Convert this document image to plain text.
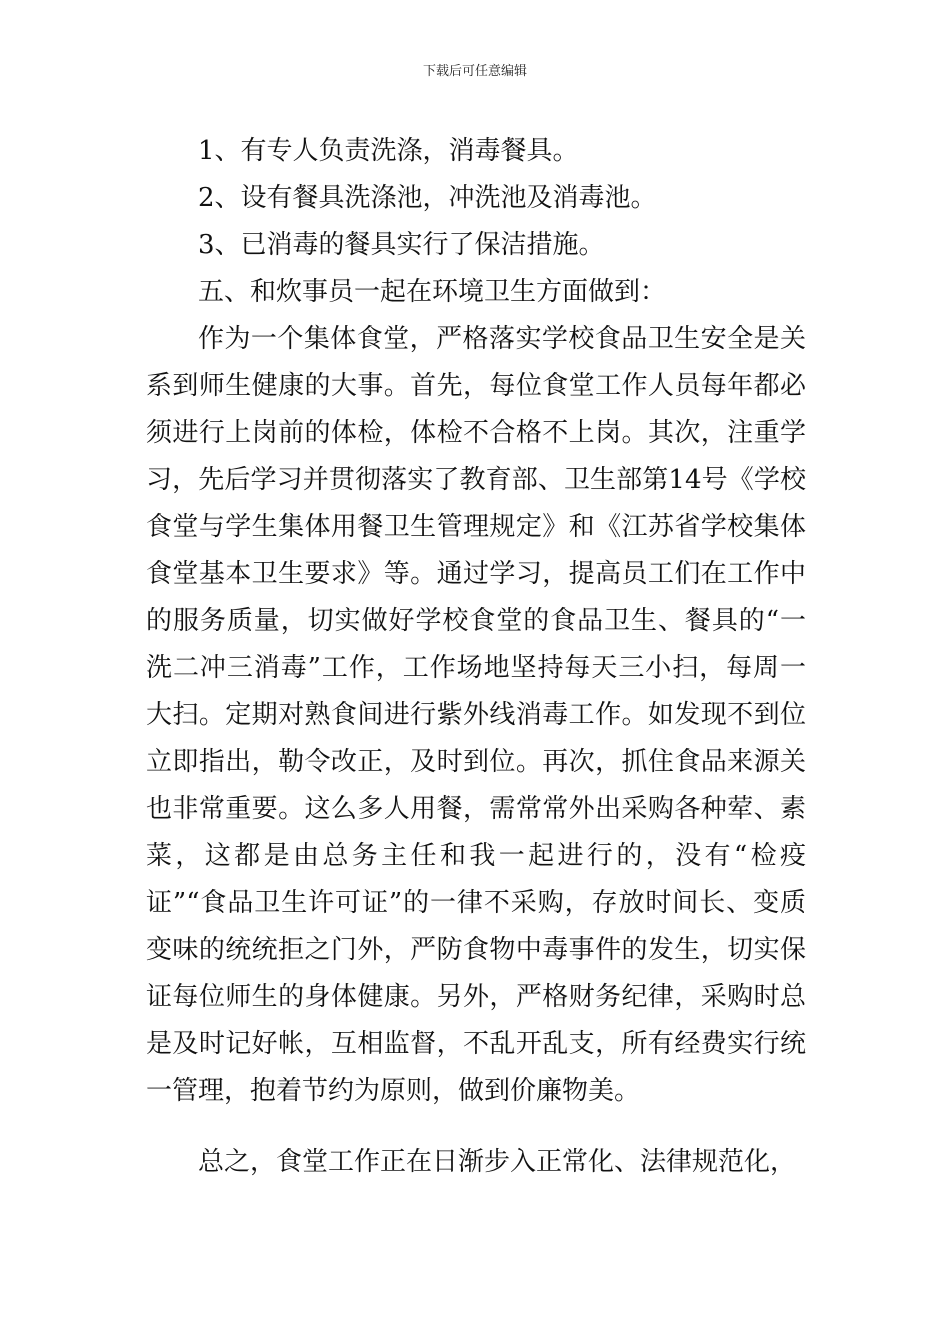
下载后可任意编辑

1、有专人负责洗涤，消毒餐具。

2、设有餐具洗涤池，冲洗池及消毒池。

3、已消毒的餐具实行了保洁措施。

五、和炊事员一起在环境卫生方面做到：

作为一个集体食堂，严格落实学校食品卫生安全是关系到师生健康的大事。首先，每位食堂工作人员每年都必须进行上岗前的体检，体检不合格不上岗。其次，注重学习，先后学习并贯彻落实了教育部、卫生部第14号《学校食堂与学生集体用餐卫生管理规定》和《江苏省学校集体食堂基本卫生要求》等。通过学习，提高员工们在工作中的服务质量，切实做好学校食堂的食品卫生、餐具的“一洗二冲三消毒”工作，工作场地坚持每天三小扫，每周一大扫。定期对熟食间进行紫外线消毒工作。如发现不到位立即指出，勒令改正，及时到位。再次，抓住食品来源关也非常重要。这么多人用餐，需常常外出采购各种荤、素菜，这都是由总务主任和我一起进行的，没有“检疫证”“食品卫生许可证”的一律不采购，存放时间长、变质变味的统统拒之门外，严防食物中毒事件的发生，切实保证每位师生的身体健康。另外，严格财务纪律，采购时总是及时记好帐，互相监督，不乱开乱支，所有经费实行统一管理，抱着节约为原则，做到价廉物美。

总之，食堂工作正在日渐步入正常化、法律规范化，
